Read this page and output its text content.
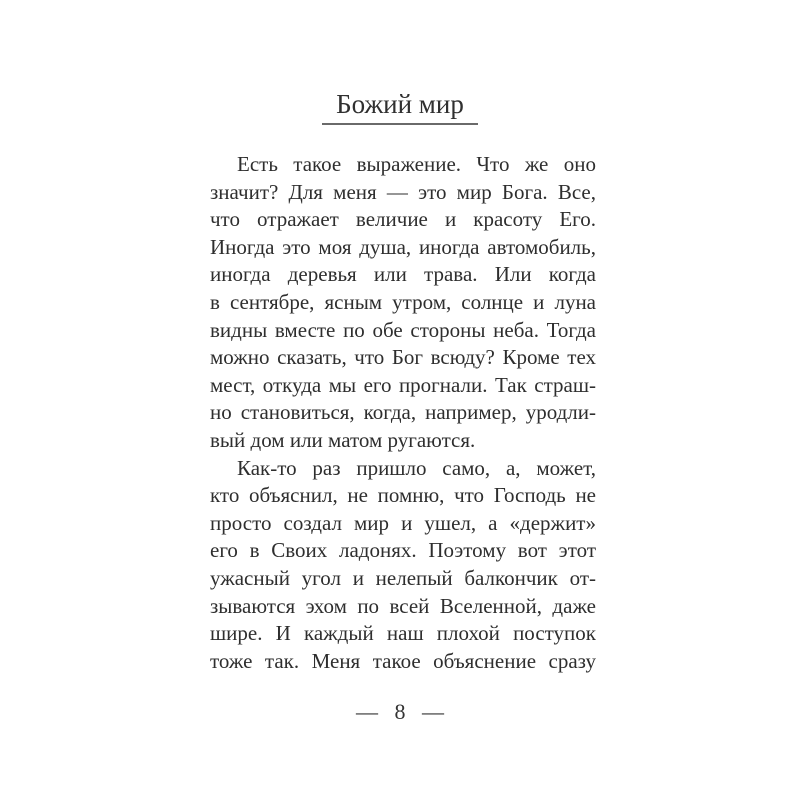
Божий мир
Есть такое выражение. Что же оно
значит? Для меня — это мир Бога. Все,
что отражает величие и красоту Его.
Иногда это моя душа, иногда автомобиль,
иногда деревья или трава. Или когда
в сентябре, ясным утром, солнце и луна
видны вместе по обе стороны неба. Тогда
можно сказать, что Бог всюду? Кроме тех
мест, откуда мы его прогнали. Так страш-
но становиться, когда, например, уродли-
вый дом или матом ругаются.
Как-то раз пришло само, а, может,
кто объяснил, не помню, что Господь не
просто создал мир и ушел, а «держит»
его в Своих ладонях. Поэтому вот этот
ужасный угол и нелепый балкончик от-
зываются эхом по всей Вселенной, даже
шире. И каждый наш плохой поступок
тоже так. Меня такое объяснение сразу
— 8 —
